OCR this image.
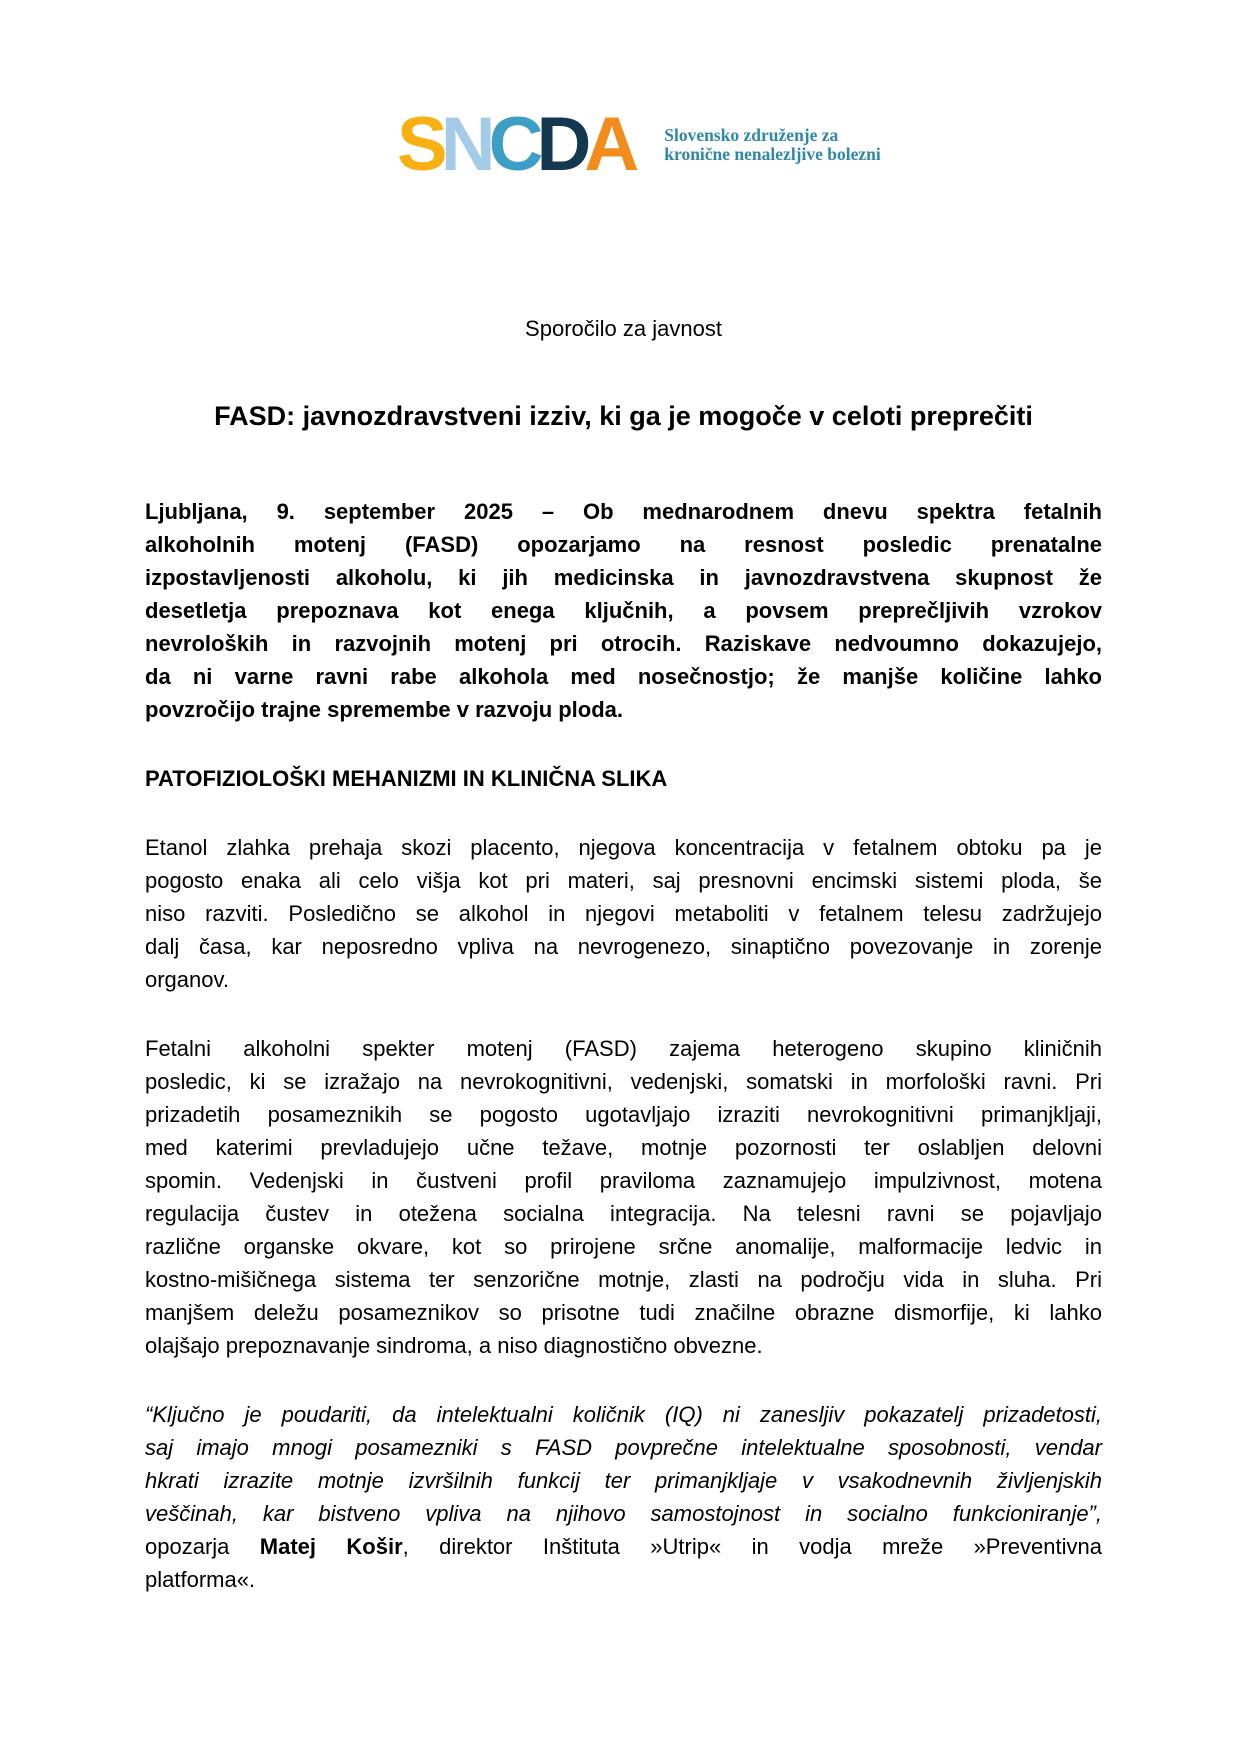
SNCDA Slovensko združenje za
kronične nenalezljive bolezni

Sporočilo za javnost

FASD: javnozdravstveni izziv, ki ga je mogoče v celoti preprečiti
Ljubljana, 9. september 2025 – Ob mednarodnem dnevu spektra fetalnih
alkoholnih motenj (FASD) opozarjamo na resnost posledic prenatalne
izpostavljenosti alkoholu, ki jih medicinska in javnozdravstvena skupnost že
desetletja prepoznava kot enega ključnih, a povsem preprečljivih vzrokov
nevroloških in razvojnih motenj pri otrocih. Raziskave nedvoumno dokazujejo,
da ni varne ravni rabe alkohola med nosečnostjo; že manjše količine lahko
povzročijo trajne spremembe v razvoju ploda.
PATOFIZIOLOŠKI MEHANIZMI IN KLINIČNA SLIKA
Etanol zlahka prehaja skozi placento, njegova koncentracija v fetalnem obtoku pa je
pogosto enaka ali celo višja kot pri materi, saj presnovni encimski sistemi ploda, še
niso razviti. Posledično se alkohol in njegovi metaboliti v fetalnem telesu zadržujejo
dalj časa, kar neposredno vpliva na nevrogenezo, sinaptično povezovanje in zorenje
organov.
Fetalni alkoholni spekter motenj (FASD) zajema heterogeno skupino kliničnih
posledic, ki se izražajo na nevrokognitivni, vedenjski, somatski in morfološki ravni. Pri
prizadetih posameznikih se pogosto ugotavljajo izraziti nevrokognitivni primanjkljaji,
med katerimi prevladujejo učne težave, motnje pozornosti ter oslabljen delovni
spomin. Vedenjski in čustveni profil praviloma zaznamujejo impulzivnost, motena
regulacija čustev in otežena socialna integracija. Na telesni ravni se pojavljajo
različne organske okvare, kot so prirojene srčne anomalije, malformacije ledvic in
kostno-mišičnega sistema ter senzorične motnje, zlasti na področju vida in sluha. Pri
manjšem deležu posameznikov so prisotne tudi značilne obrazne dismorfije, ki lahko
olajšajo prepoznavanje sindroma, a niso diagnostično obvezne.
“Ključno je poudariti, da intelektualni količnik (IQ) ni zanesljiv pokazatelj prizadetosti,
saj imajo mnogi posamezniki s FASD povprečne intelektualne sposobnosti, vendar
hkrati izrazite motnje izvršilnih funkcij ter primanjkljaje v vsakodnevnih življenjskih
veščinah, kar bistveno vpliva na njihovo samostojnost in socialno funkcioniranje”,
opozarja Matej Košir, direktor Inštituta »Utrip« in vodja mreže »Preventivna
platforma«.
